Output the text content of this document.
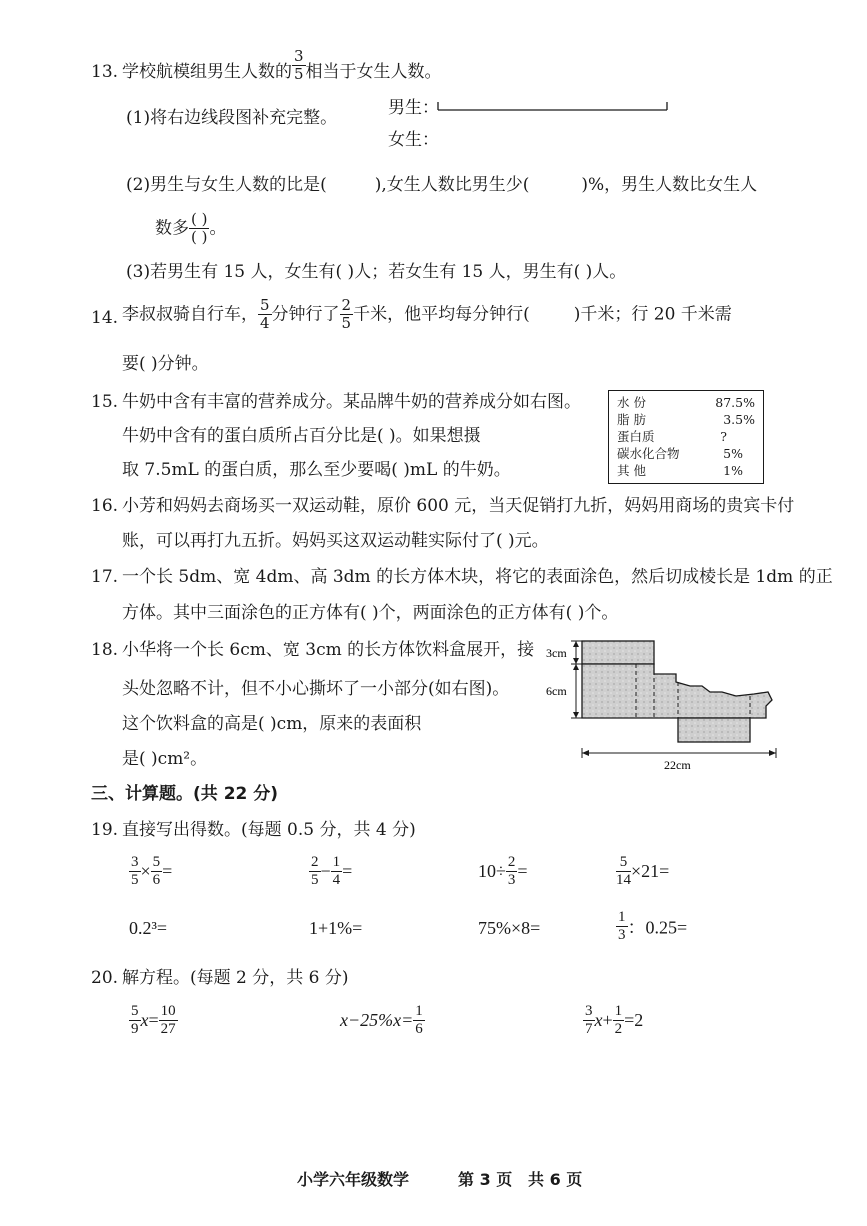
13. 学校航模组男生人数的 $\frac{3}{5}$ 相当于女生人数。
(1)将右边线段图补充完整。	男生：
女生：
(2)男生与女生人数的比是(	),女生人数比男生少(	)%，男生人数比女生人
数多 $\frac{( )}{( )}$ 。
(3)若男生有 15 人，女生有( )人；若女生有 15 人，男生有( )人。
14. 李叔叔骑自行车， $\frac{5}{4}$ 分钟行了 $\frac{2}{5}$ 千米，他平均每分钟行(	)千米；行 20 千米需
要( )分钟。
15. 牛奶中含有丰富的营养成分。某品牌牛奶的营养成分如右图。
牛奶中含有的蛋白质所占百分比是( )。如果想摄
取 7.5mL 的蛋白质，那么至少要喝( )mL 的牛奶。
水 份	87.5%
脂 肪	3.5%
蛋白质	?
碳水化合物	5%
其 他	1%
16. 小芳和妈妈去商场买一双运动鞋，原价 600 元，当天促销打九折，妈妈用商场的贵宾卡付
账，可以再打九五折。妈妈买这双运动鞋实际付了( )元。
17. 一个长 5dm、宽 4dm、高 3dm 的长方体木块，将它的表面涂色，然后切成棱长是 1dm 的正
方体。其中三面涂色的正方体有( )个，两面涂色的正方体有( )个。
18. 小华将一个长 6cm、宽 3cm 的长方体饮料盒展开，接
头处忽略不计，但不小心撕坏了一小部分(如右图)。
这个饮料盒的高是( )cm，原来的表面积
是( )cm²。
3cm
6cm
22cm
三、计算题。(共 22 分)
19. 直接写出得数。(每题 0.5 分，共 4 分)
$\frac{3}{5} \times \frac{5}{6}$ =	$\frac{2}{5} - \frac{1}{4}$ =	$10\div \frac{2}{3}$ =	$\frac{5}{14} \times 21=$
0.2³=	1+1%=	75%×8=	$\frac{1}{3}$ ：0.25=
20. 解方程。(每题 2 分，共 6 分)
$\frac{5}{9} x= \frac{10}{27}$	$x-25\%x= \frac{1}{6}$	$\frac{3}{7} x+ \frac{1}{2} =2$
小学六年级数学	第 3 页 共 6 页
